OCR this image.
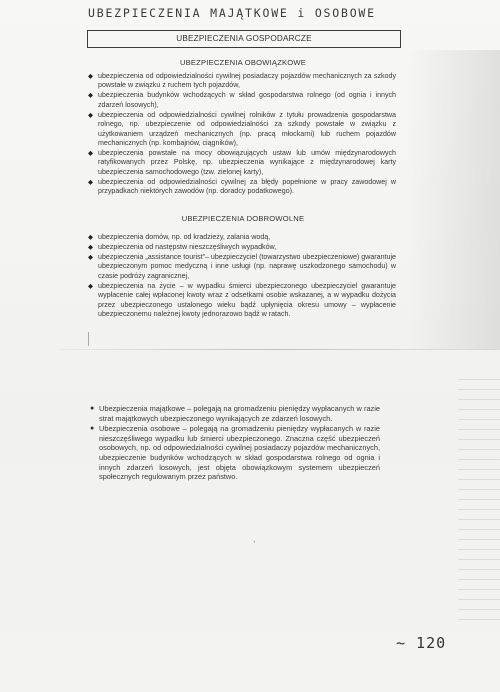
UBEZPIECZENIA MAJĄTKOWE i OSOBOWE
UBEZPIECZENIA GOSPODARCZE
UBEZPIECZENIA OBOWIĄZKOWE
◆ ubezpieczenia od odpowiedzialności cywilnej posiadaczy pojazdów mechanicznych za szkody powstałe w związku z ruchem tych pojazdów,
◆ ubezpieczenia budynków wchodzących w skład gospodarstwa rolnego (od ognia i innych zdarzeń losowych),
◆ ubezpieczenia od odpowiedzialności cywilnej rolników z tytułu prowadzenia gospodarstwa rolnego, np. ubezpieczenie od odpowiedzialności za szkody powstałe w związku z użytkowaniem urządzeń mechanicznych (np. pracą młockarni) lub ruchem pojazdów mechanicznych (np. kombajnów, ciągników),
◆ ubezpieczenia powstałe na mocy obowiązujących ustaw lub umów międzynarodowych ratyfikowanych przez Polskę, np. ubezpieczenia wynikające z międzynarodowej karty ubezpieczenia samochodowego (tzw. zielonej karty),
◆ ubezpieczenia od odpowiedzialności cywilnej za błędy popełnione w pracy zawodowej w przypadkach niektórych zawodów (np. doradcy podatkowego).
UBEZPIECZENIA DOBROWOLNE
◆ ubezpieczenia domów, np. od kradzieży, zalania wodą,
◆ ubezpieczenia od następstw nieszczęśliwych wypadków,
◆ ubezpieczenia „assistance tourist”– ubezpieczyciel (towarzystwo ubezpieczeniowe) gwarantuje ubezpieczonym pomoc medyczną i inne usługi (np. naprawę uszkodzonego samochodu) w czasie podróży zagranicznej,
◆ ubezpieczenia na życie – w wypadku śmierci ubezpieczonego ubezpieczyciel gwarantuje wypłacenie całej wpłaconej kwoty wraz z odsetkami osobie wskazanej, a w wypadku dożycia przez ubezpieczonego ustalonego wieku bądź upłynięcia okresu umowy – wypłacenie ubezpieczonemu należnej kwoty jednorazowo bądź w ratach.
● Ubezpieczenia majątkowe – polegają na gromadzeniu pieniędzy wypłacanych w razie strat majątkowych ubezpieczonego wynikających ze zdarzeń losowych.
● Ubezpieczenia osobowe – polegają na gromadzeniu pieniędzy wypłacanych w razie nieszczęśliwego wypadku lub śmierci ubezpieczonego. Znaczna część ubezpieczeń osobowych, np. od odpowiedzialności cywilnej posiadaczy pojazdów mechanicznych, ubezpieczenie budynków wchodzących w skład gospodarstwa rolnego od ognia i innych zdarzeń losowych, jest objęta obowiązkowym systemem ubezpieczeń społecznych regulowanym przez państwo.
ˋ
~ 120
